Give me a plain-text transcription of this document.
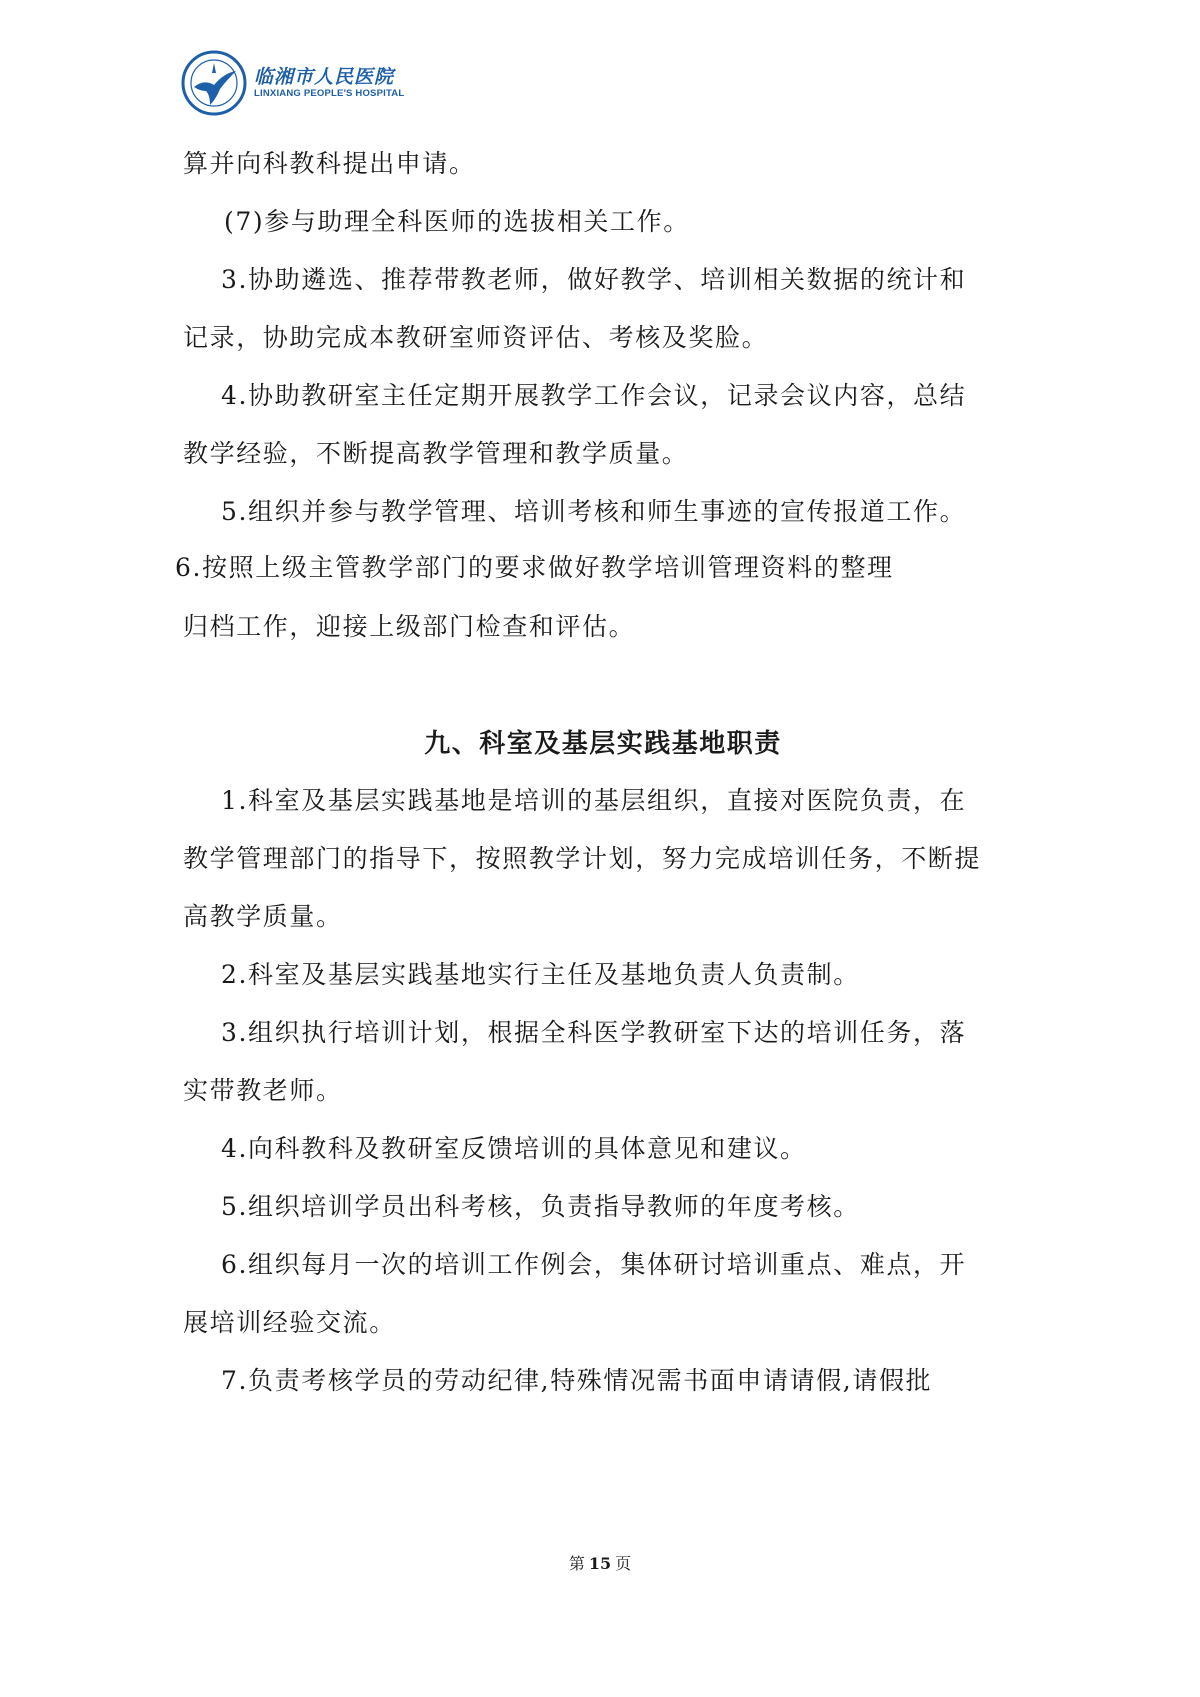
临湘市人民医院
LINXIANG PEOPLE'S HOSPITAL
算并向科教科提出申请。
(7)参与助理全科医师的选拔相关工作。
3.协助遴选、推荐带教老师，做好教学、培训相关数据的统计和
记录，协助完成本教研室师资评估、考核及奖脸。
4.协助教研室主任定期开展教学工作会议，记录会议内容，总结
教学经验，不断提高教学管理和教学质量。
5.组织并参与教学管理、培训考核和师生事迹的宣传报道工作。
6.按照上级主管教学部门的要求做好教学培训管理资料的整理
归档工作，迎接上级部门检查和评估。
九、科室及基层实践基地职责
1.科室及基层实践基地是培训的基层组织，直接对医院负责，在
教学管理部门的指导下，按照教学计划，努力完成培训任务，不断提
高教学质量。
2.科室及基层实践基地实行主任及基地负责人负责制。
3.组织执行培训计划，根据全科医学教研室下达的培训任务，落
实带教老师。
4.向科教科及教研室反馈培训的具体意见和建议。
5.组织培训学员出科考核，负责指导教师的年度考核。
6.组织每月一次的培训工作例会，集体研讨培训重点、难点，开
展培训经验交流。
7.负责考核学员的劳动纪律,特殊情况需书面申请请假,请假批
第 15 页
